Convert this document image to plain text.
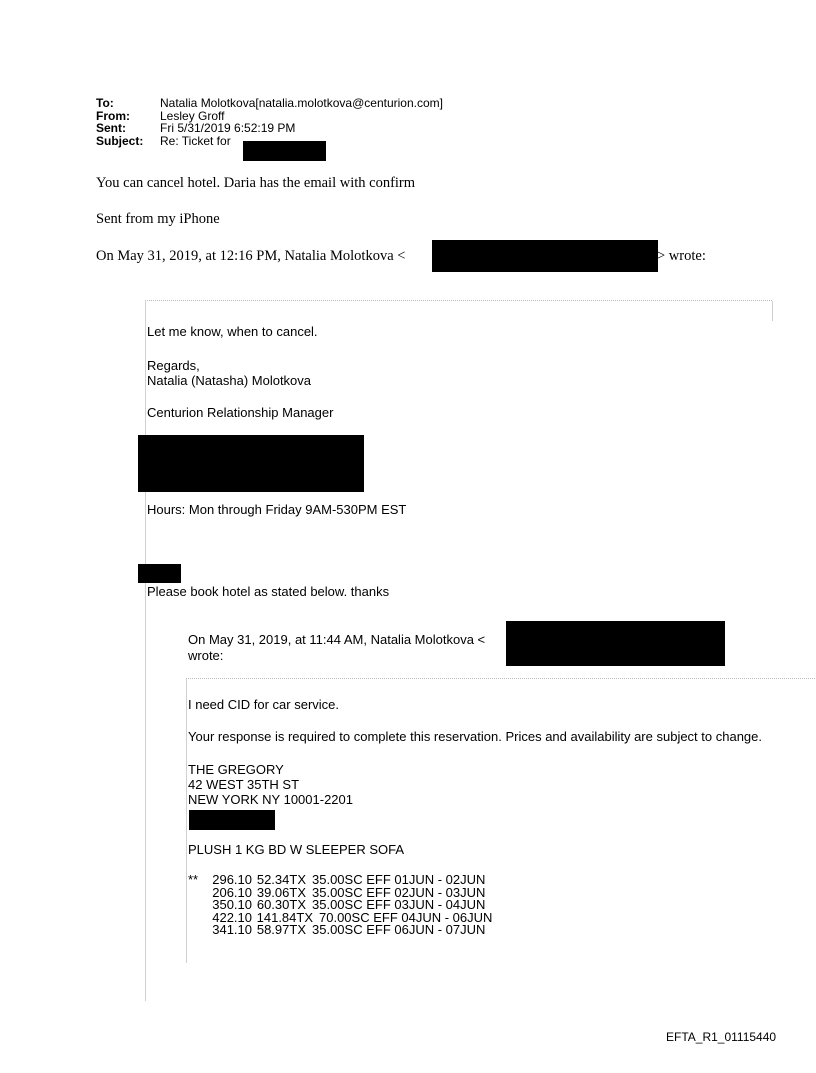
To:	Natalia Molotkova[natalia.molotkova@centurion.com]
From:	Lesley Groff
Sent:	Fri 5/31/2019 6:52:19 PM
Subject:	Re: Ticket for
You can cancel hotel. Daria has the email with confirm
Sent from my iPhone
On May 31, 2019, at 12:16 PM, Natalia Molotkova <	> wrote:
Let me know, when to cancel.
Regards,
Natalia (Natasha) Molotkova
Centurion Relationship Manager
Hours: Mon through Friday 9AM-530PM EST
Please book hotel as stated below. thanks
On May 31, 2019, at 11:44 AM, Natalia Molotkova <
wrote:
I need CID for car service.
Your response is required to complete this reservation. Prices and availability are subject to change.
THE GREGORY
42 WEST 35TH ST
NEW YORK NY 10001-2201
PLUSH 1 KG BD W SLEEPER SOFA
**	296.10 52.34TX 35.00SC EFF 01JUN - 02JUN
206.10 39.06TX 35.00SC EFF 02JUN - 03JUN
350.10 60.30TX 35.00SC EFF 03JUN - 04JUN
422.10 141.84TX 70.00SC EFF 04JUN - 06JUN
341.10 58.97TX 35.00SC EFF 06JUN - 07JUN
EFTA_R1_01115440
